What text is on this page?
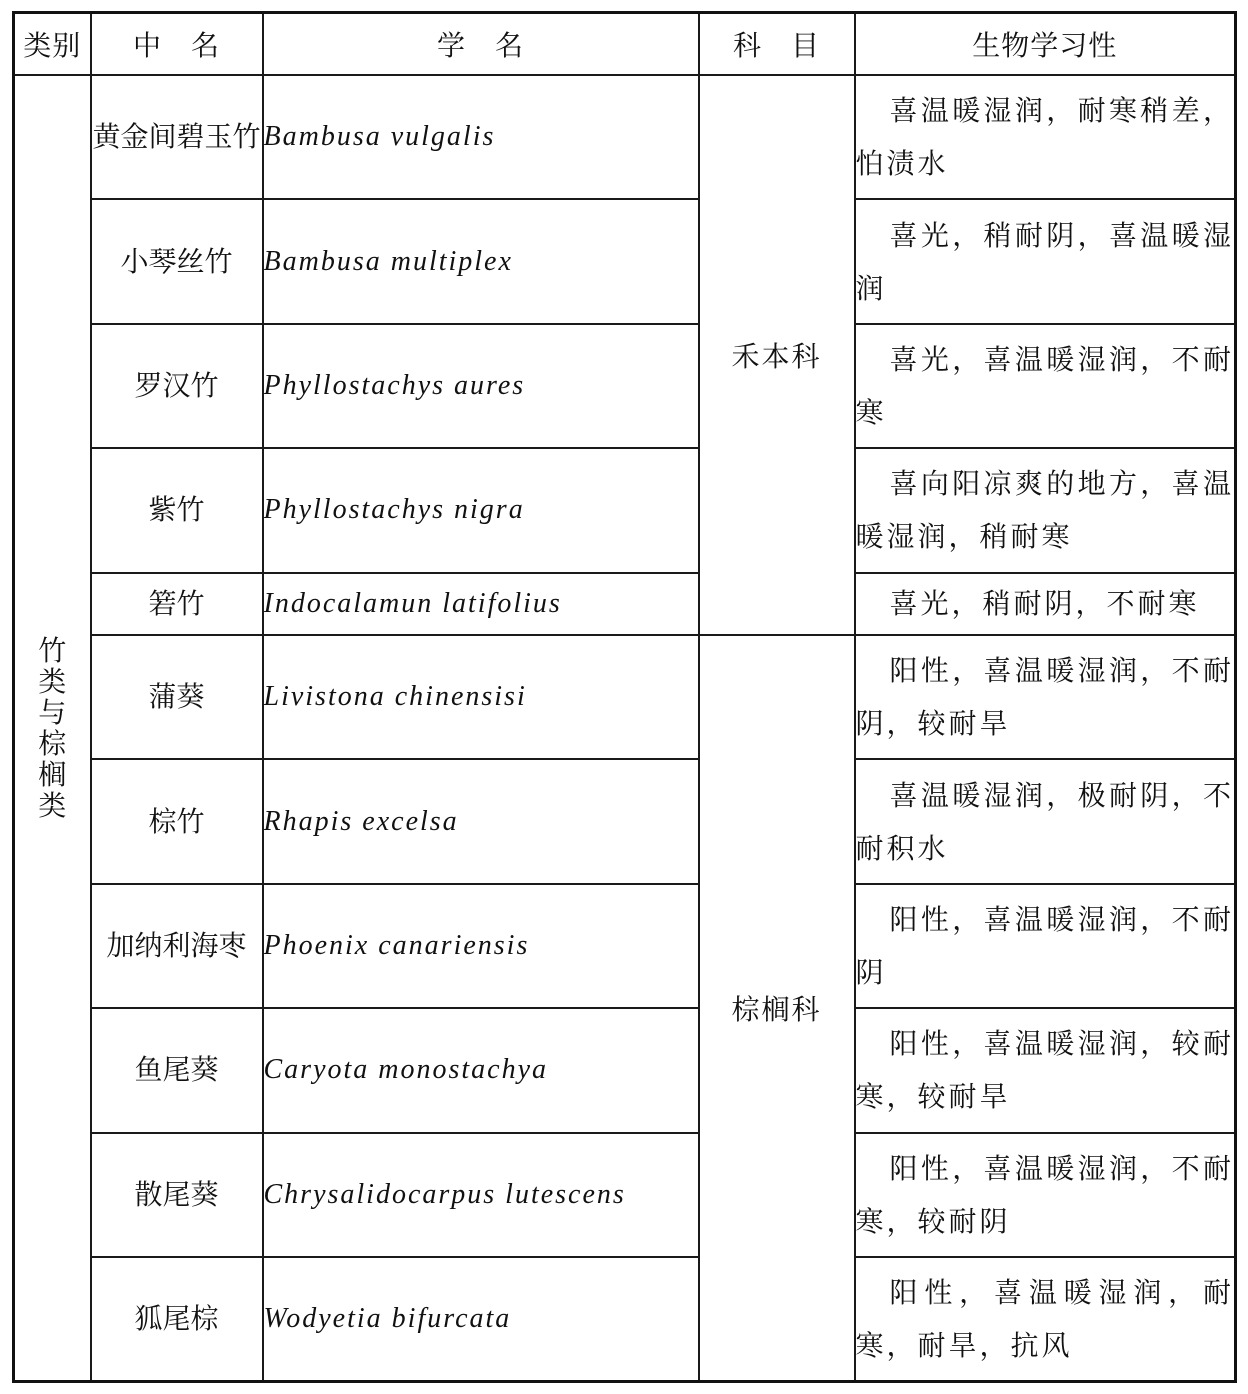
类别	中　名	学　名	科　目	生物学习性
竹类与棕榈类	黄金间碧玉竹	Bambusa vulgalis	禾本科	喜温暖湿润，耐寒稍差，怕渍水
	小琴丝竹	Bambusa multiplex		喜光，稍耐阴，喜温暖湿润
	罗汉竹	Phyllostachys aures		喜光，喜温暖湿润，不耐寒
	紫竹	Phyllostachys nigra		喜向阳凉爽的地方，喜温暖湿润，稍耐寒
	箬竹	Indocalamun latifolius		喜光，稍耐阴，不耐寒
	蒲葵	Livistona chinensisi	棕榈科	阳性，喜温暖湿润，不耐阴，较耐旱
	棕竹	Rhapis excelsa		喜温暖湿润，极耐阴，不耐积水
	加纳利海枣	Phoenix canariensis		阳性，喜温暖湿润，不耐阴
	鱼尾葵	Caryota monostachya		阳性，喜温暖湿润，较耐寒，较耐旱
	散尾葵	Chrysalidocarpus lutescens		阳性，喜温暖湿润，不耐寒，较耐阴
	狐尾棕	Wodyetia bifurcata		阳性，喜温暖湿润，耐寒，耐旱，抗风
